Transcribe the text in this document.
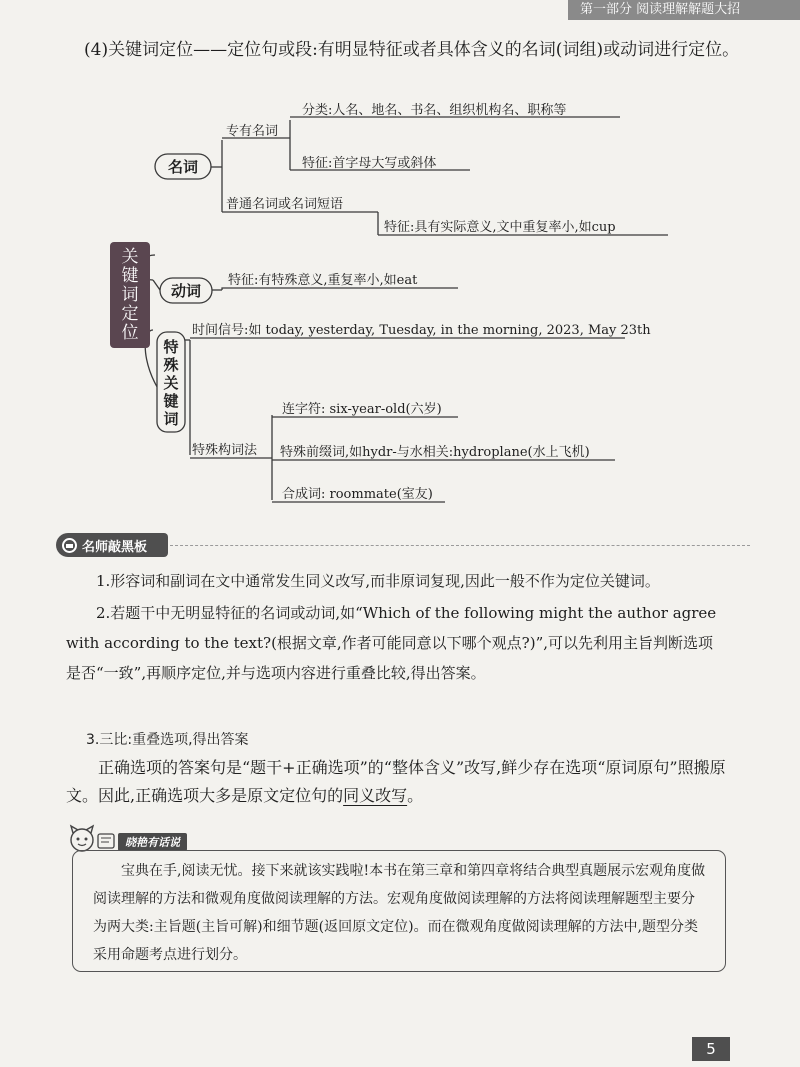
第一部分 阅读理解解题大招
(4)关键词定位——定位句或段:有明显特征或者具体含义的名词(词组)或动词进行定位。
关
键
词
定
位
名词
专有名词
分类:人名、地名、书名、组织机构名、职称等
特征:首字母大写或斜体
普通名词或名词短语
特征:具有实际意义,文中重复率小,如cup
动词
特征:有特殊意义,重复率小,如eat
特
殊
关
键
词
时间信号:如 today, yesterday, Tuesday, in the morning, 2023, May 23th
特殊构词法
连字符: six-year-old(六岁)
特殊前缀词,如hydr-与水相关:hydroplane(水上飞机)
合成词: roommate(室友)
名师敲黑板

1.形容词和副词在文中通常发生同义改写,而非原词复现,因此一般不作为定位关键词。

2.若题干中无明显特征的名词或动词,如“Which of the following might the author agree with according to the text?(根据文章,作者可能同意以下哪个观点?)”,可以先利用主旨判断选项是否“一致”,再顺序定位,并与选项内容进行重叠比较,得出答案。

3.三比:重叠选项,得出答案
正确选项的答案句是“题干+正确选项”的“整体含义”改写,鲜少存在选项“原词原句”照搬原文。因此,正确选项大多是原文定位句的同义改写。
晓艳有话说

宝典在手,阅读无忧。接下来就该实践啦!本书在第三章和第四章将结合典型真题展示宏观角度做阅读理解的方法和微观角度做阅读理解的方法。宏观角度做阅读理解的方法将阅读理解题型主要分为两大类:主旨题(主旨可解)和细节题(返回原文定位)。而在微观角度做阅读理解的方法中,题型分类采用命题考点进行划分。

5
